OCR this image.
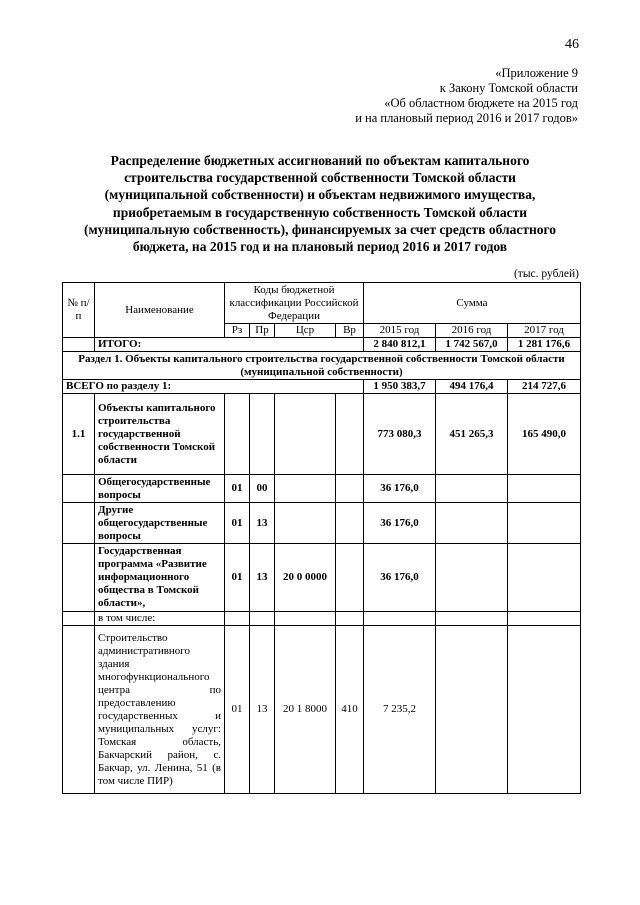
46
«Приложение 9
к Закону Томской области
«Об областном бюджете на 2015 год
и на плановый период 2016 и 2017 годов»
Распределение бюджетных ассигнований по объектам капитального
строительства государственной собственности Томской области
(муниципальной собственности) и объектам недвижимого имущества,
приобретаемым в государственную собственность Томской области
(муниципальную собственность), финансируемых за счет средств областного
бюджета, на 2015 год и на плановый период 2016 и 2017 годов
(тыс. рублей)
№ п/п	Наименование	Коды бюджетной классификации Российской Федерации				Сумма		
		Рз	Пр	Цср	Вр	2015 год	2016 год	2017 год
	ИТОГО:					2 840 812,1	1 742 567,0	1 281 176,6
Раздел 1. Объекты капитального строительства государственной собственности Томской области (муниципальной собственности)								
ВСЕГО по разделу 1:						1 950 383,7	494 176,4	214 727,6
1.1	Объекты капитального строительства государственной собственности Томской области					773 080,3	451 265,3	165 490,0
	Общегосударственные вопросы	01	00			36 176,0		
	Другие общегосударственные вопросы	01	13			36 176,0		
	Государственная программа «Развитие информационного общества в Томской области»,	01	13	20 0 0000		36 176,0		
	в том числе:							
	Строительство административного здания многофункционального центра по предоставлению государственных и муниципальных услуг: Томская область, Бакчарский район, с. Бакчар, ул. Ленина, 51 (в том числе ПИР)	01	13	20 1 8000	410	7 235,2		
